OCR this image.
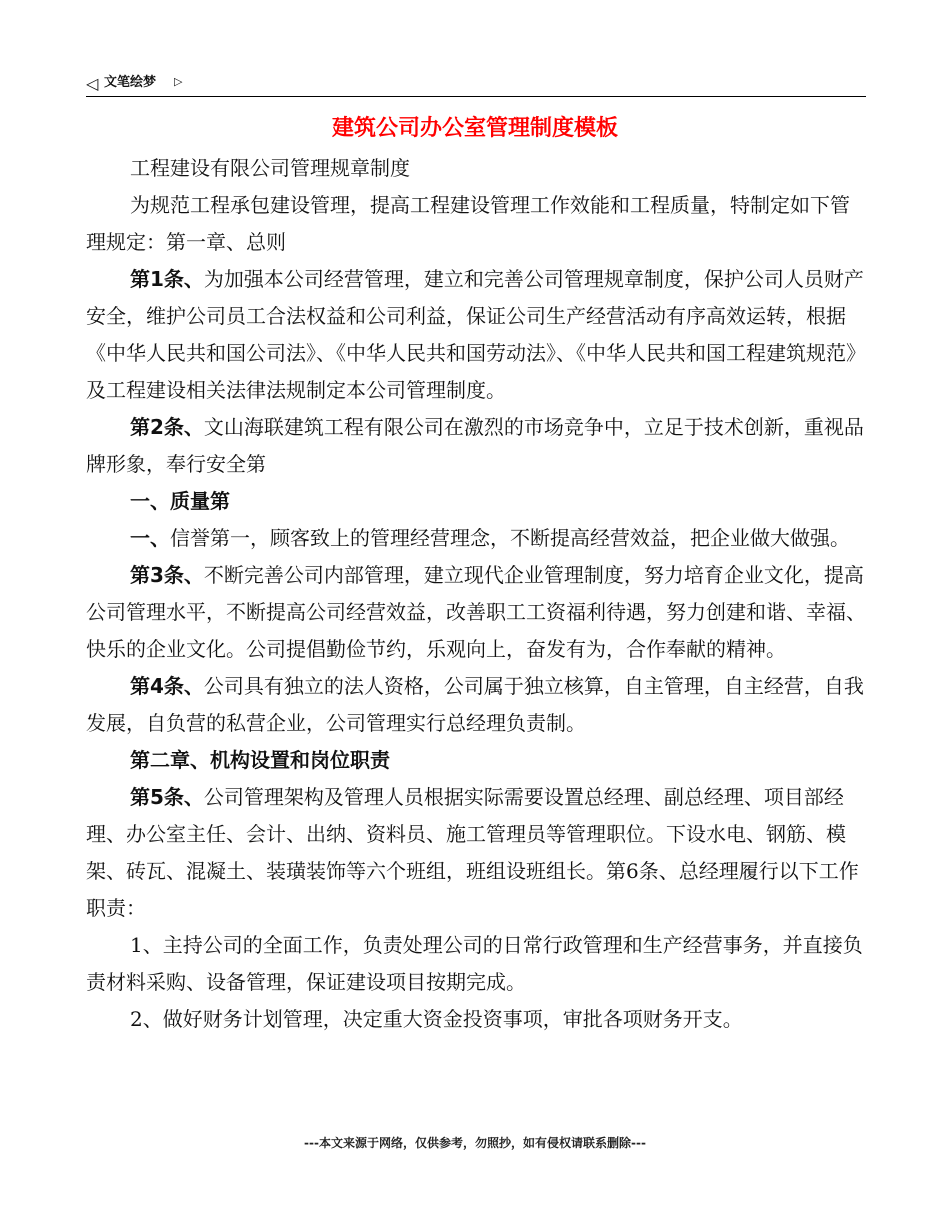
◁ 文笔绘梦 ▷
建筑公司办公室管理制度模板

工程建设有限公司管理规章制度

为规范工程承包建设管理，提高工程建设管理工作效能和工程质量，特制定如下管理规定：第一章、总则

第1条、为加强本公司经营管理，建立和完善公司管理规章制度，保护公司人员财产安全，维护公司员工合法权益和公司利益，保证公司生产经营活动有序高效运转，根据《中华人民共和国公司法》、《中华人民共和国劳动法》、《中华人民共和国工程建筑规范》及工程建设相关法律法规制定本公司管理制度。

第2条、文山海联建筑工程有限公司在激烈的市场竞争中，立足于技术创新，重视品牌形象，奉行安全第

一、质量第

一、信誉第一，顾客致上的管理经营理念，不断提高经营效益，把企业做大做强。

第3条、不断完善公司内部管理，建立现代企业管理制度，努力培育企业文化，提高公司管理水平，不断提高公司经营效益，改善职工工资福利待遇，努力创建和谐、幸福、快乐的企业文化。公司提倡勤俭节约，乐观向上，奋发有为，合作奉献的精神。

第4条、公司具有独立的法人资格，公司属于独立核算，自主管理，自主经营，自我发展，自负营的私营企业，公司管理实行总经理负责制。

第二章、机构设置和岗位职责

第5条、公司管理架构及管理人员根据实际需要设置总经理、副总经理、项目部经理、办公室主任、会计、出纳、资料员、施工管理员等管理职位。下设水电、钢筋、模架、砖瓦、混凝土、装璜装饰等六个班组，班组设班组长。第6条、总经理履行以下工作职责：

1、主持公司的全面工作，负责处理公司的日常行政管理和生产经营事务，并直接负责材料采购、设备管理，保证建设项目按期完成。

2、做好财务计划管理，决定重大资金投资事项，审批各项财务开支。

---本文来源于网络，仅供参考，勿照抄，如有侵权请联系删除---
